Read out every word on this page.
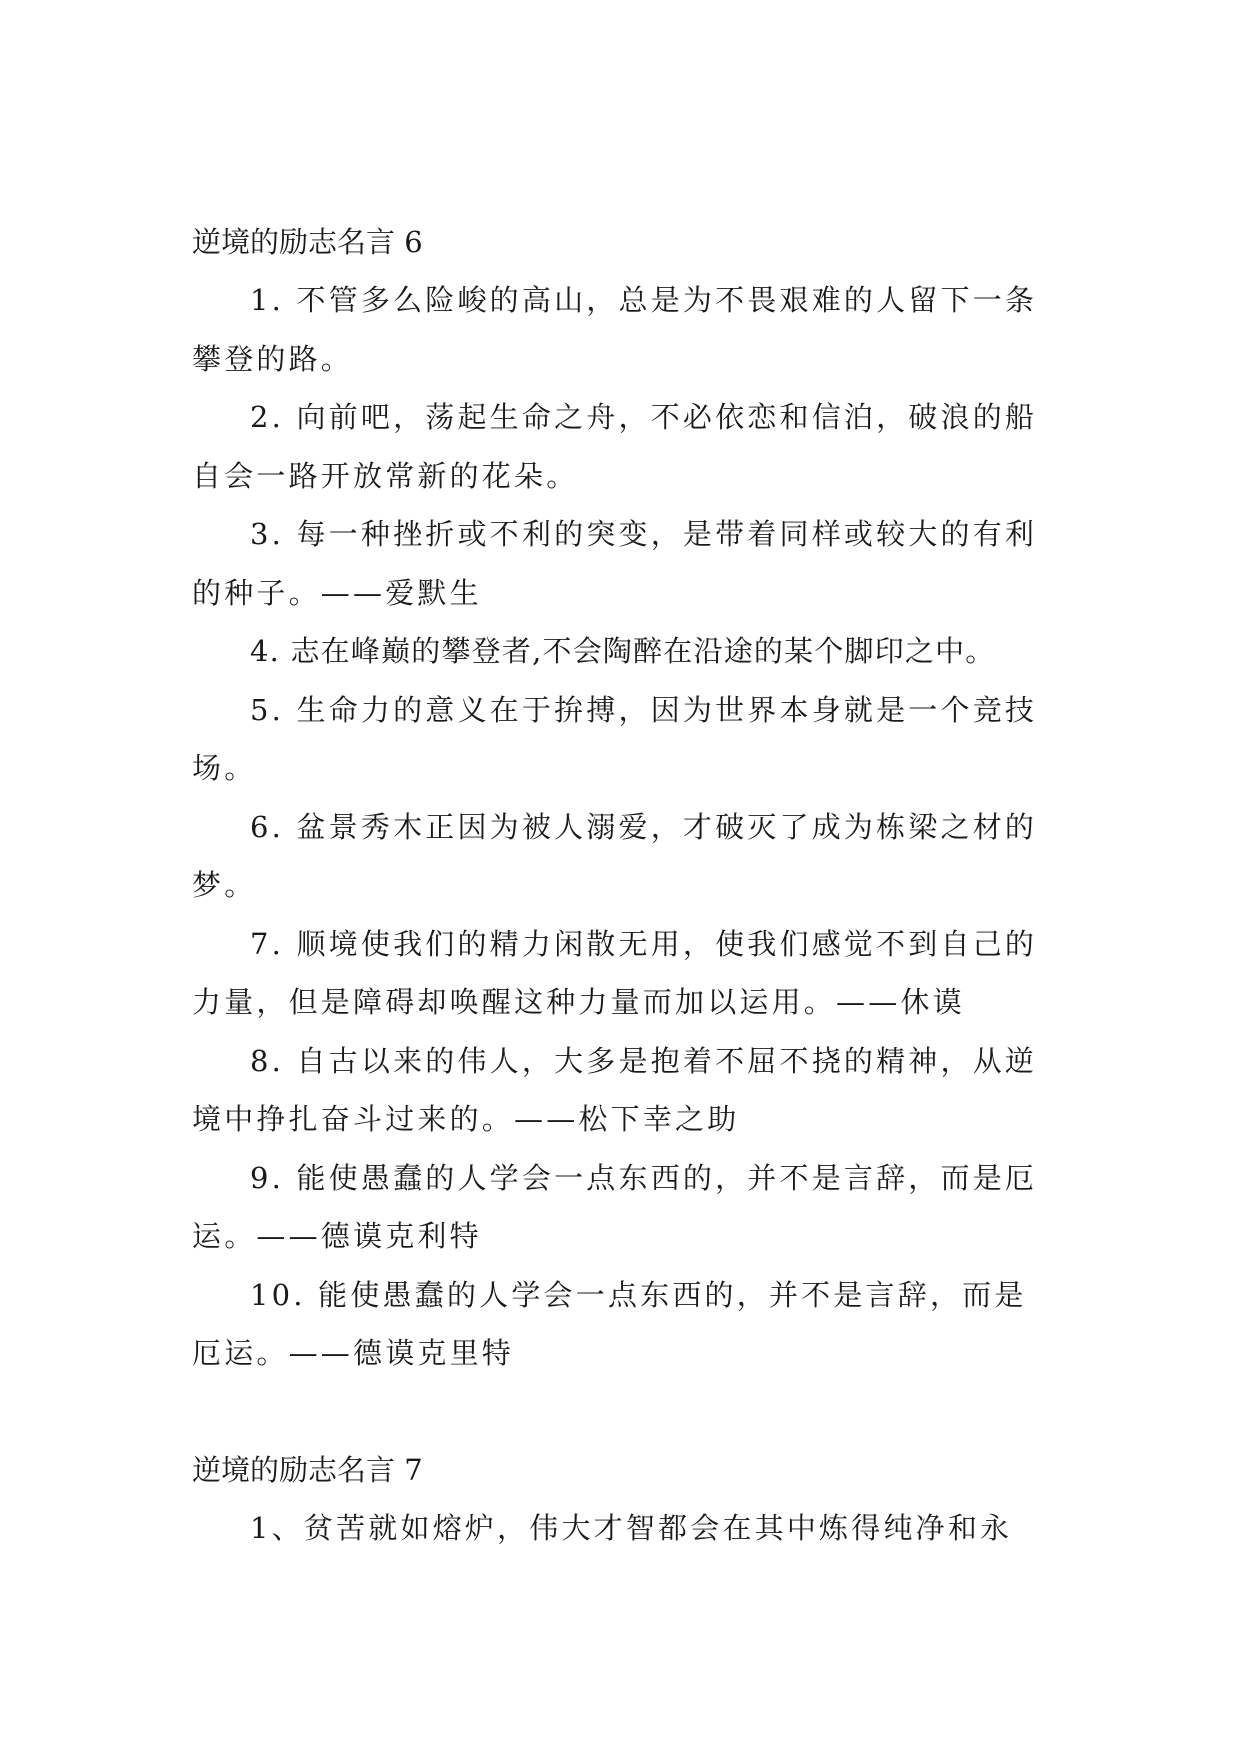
逆境的励志名言 6

1. 不管多么险峻的高山，总是为不畏艰难的人留下一条攀登的路。

2. 向前吧，荡起生命之舟，不必依恋和信泊，破浪的船自会一路开放常新的花朵。

3. 每一种挫折或不利的突变，是带着同样或较大的有利的种子。——爱默生

4. 志在峰巅的攀登者,不会陶醉在沿途的某个脚印之中。

5. 生命力的意义在于拚搏，因为世界本身就是一个竞技场。

6. 盆景秀木正因为被人溺爱，才破灭了成为栋梁之材的梦。

7. 顺境使我们的精力闲散无用，使我们感觉不到自己的力量，但是障碍却唤醒这种力量而加以运用。——休谟

8. 自古以来的伟人，大多是抱着不屈不挠的精神，从逆境中挣扎奋斗过来的。——松下幸之助

9. 能使愚蠢的人学会一点东西的，并不是言辞，而是厄运。——德谟克利特

10. 能使愚蠢的人学会一点东西的，并不是言辞，而是厄运。——德谟克里特

逆境的励志名言 7

1、贫苦就如熔炉，伟大才智都会在其中炼得纯净和永
